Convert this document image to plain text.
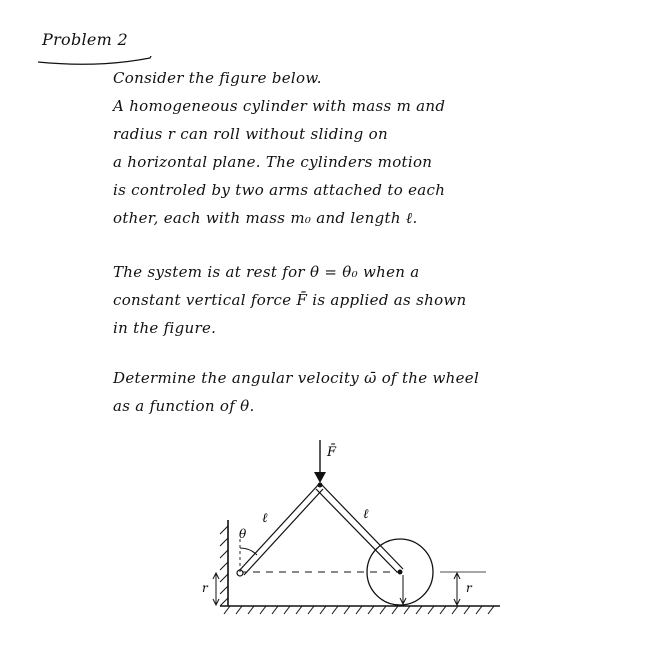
Problem 2
Consider the figure below.
A homogeneous cylinder with mass m and
radius r can roll without sliding on
a horizontal plane. The cylinders motion
is controled by two arms attached to each
other, each with mass m₀ and length ℓ.
The system is at rest for θ = θ₀ when a
constant vertical force F̄ is applied as shown
in the figure.
Determine the angular velocity ω̄ of the wheel
as a function of θ.
F̄
θ
ℓ	ℓ
r	r
